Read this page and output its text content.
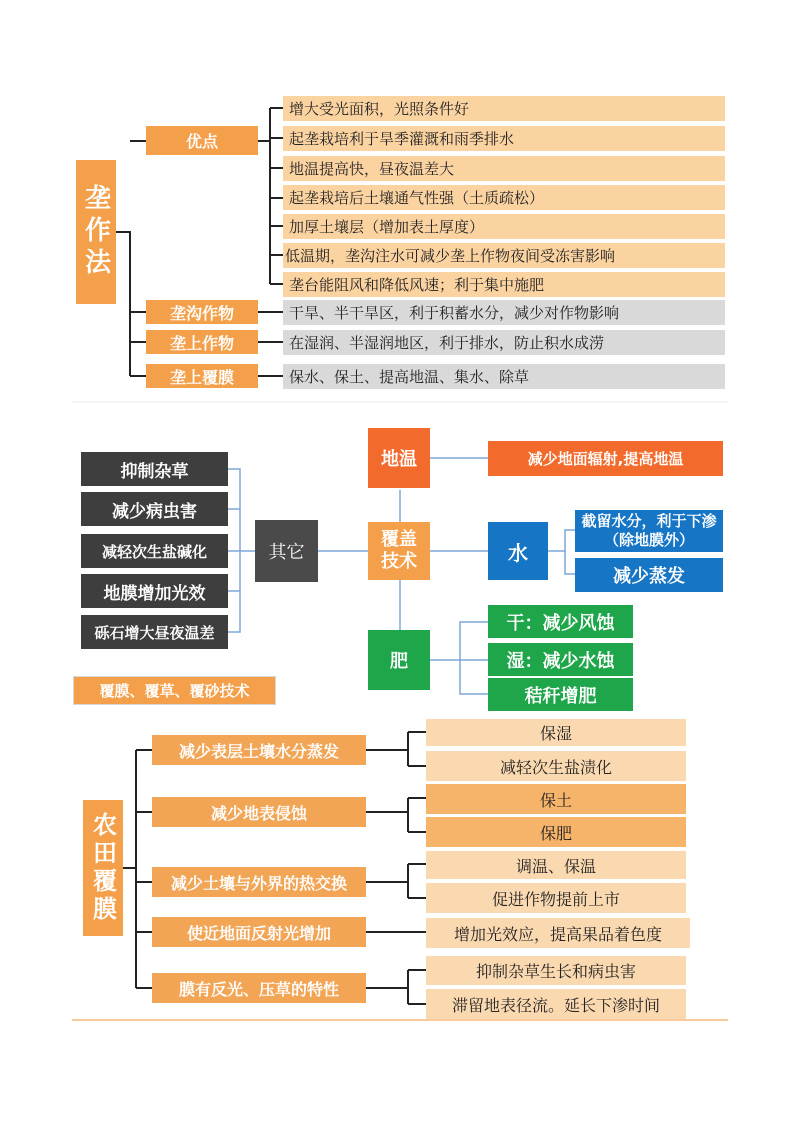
垄作法
优点
增大受光面积，光照条件好
起垄栽培利于旱季灌溉和雨季排水
地温提高快，昼夜温差大
起垄栽培后土壤通气性强（土质疏松）
加厚土壤层（增加表土厚度）
低温期，垄沟注水可减少垄上作物夜间受冻害影响
垄台能阻风和降低风速；利于集中施肥
垄沟作物	干旱、半干旱区，利于积蓄水分，减少对作物影响
垄上作物	在湿润、半湿润地区，利于排水，防止积水成涝
垄上覆膜	保水、保土、提高地温、集水、除草
覆盖技术
其它
抑制杂草
减少病虫害
减轻次生盐碱化
地膜增加光效
砾石增大昼夜温差
覆膜、覆草、覆砂技术
地温	减少地面辐射,提高地温
水
截留水分，利于下渗（除地膜外）
减少蒸发
肥
干：减少风蚀
湿：减少水蚀
秸秆增肥
农田覆膜
减少表层土壤水分蒸发
保湿
减轻次生盐渍化
减少地表侵蚀
保土
保肥
减少土壤与外界的热交换
调温、保温
促进作物提前上市
使近地面反射光增加	增加光效应，提高果品着色度
膜有反光、压草的特性
抑制杂草生长和病虫害
滞留地表径流。延长下渗时间
